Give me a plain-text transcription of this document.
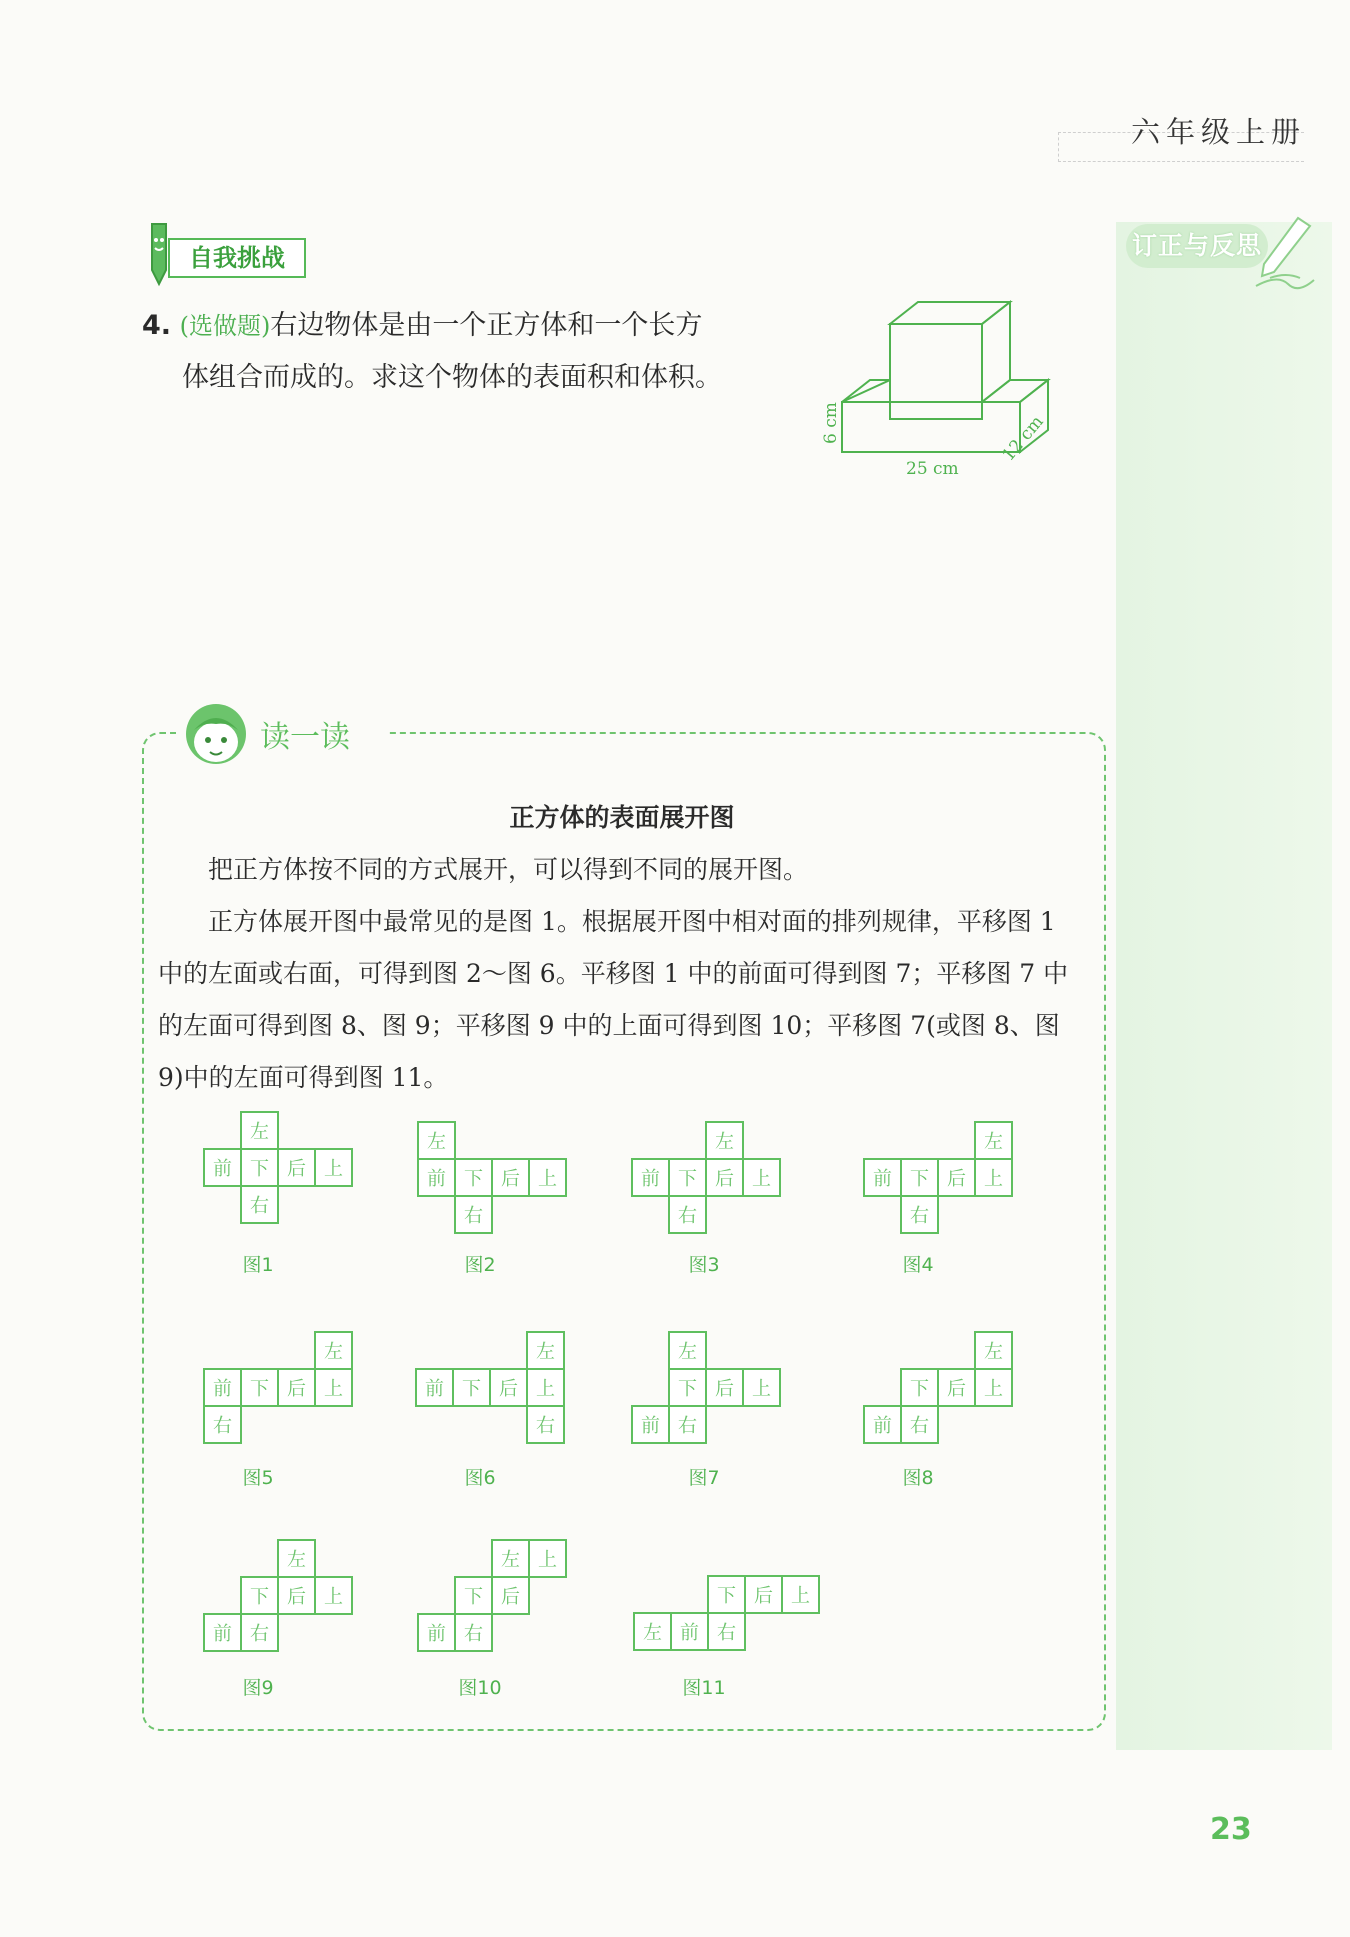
六年级上册
订正与反思
自我挑战
4. (选做题)右边物体是由一个正方体和一个长方
体组合而成的。求这个物体的表面积和体积。
6 cm
25 cm
12 cm
读一读
正方体的表面展开图

把正方体按不同的方式展开，可以得到不同的展开图。

正方体展开图中最常见的是图 1。根据展开图中相对面的排列规律，平移图 1 中的左面或右面，可得到图 2～图 6。平移图 1 中的前面可得到图 7；平移图 7 中的左面可得到图 8、图 9；平移图 9 中的上面可得到图 10；平移图 7(或图 8、图 9)中的左面可得到图 11。

左
前 下 后 上
右
左
前 下 后 上
右
左
前 下 后 上
右
左
前 下 后 上
右
左
前 下 后 上
右
左
前 下 后 上
右
左
下 后 上
前 右
左
下 后 上
前 右
左
下 后 上
前 右
左 上
下 后
前 右
下 后 上
左 前 右
图1	图2	图3	图4
图5	图6	图7	图8
图9	图10	图11
23
